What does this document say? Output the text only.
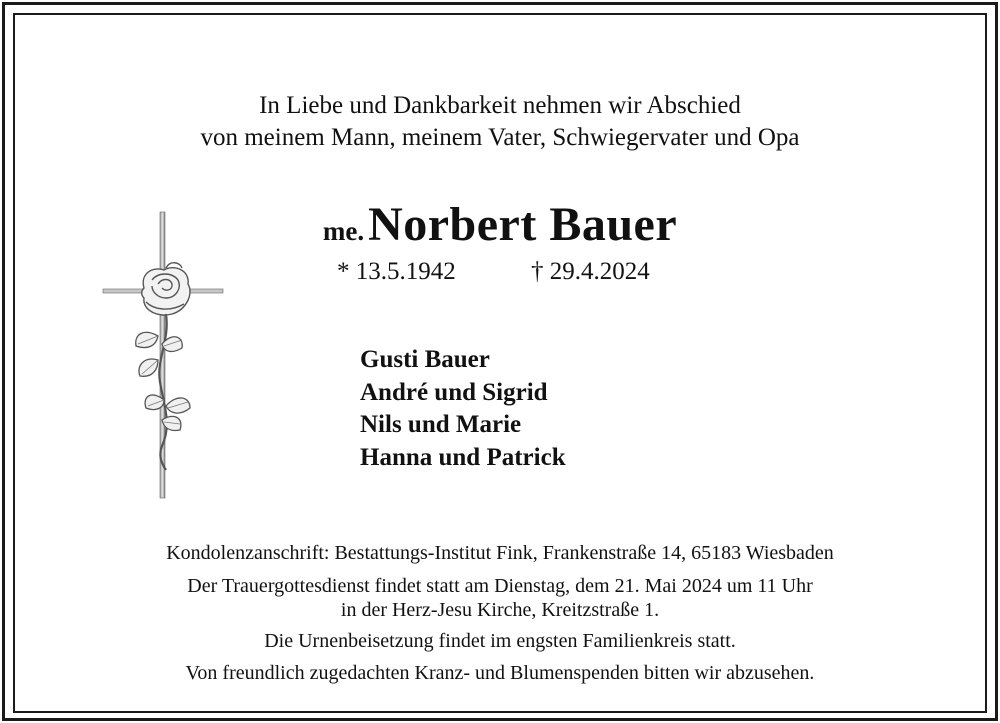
In Liebe und Dankbarkeit nehmen wir Abschied
von meinem Mann, meinem Vater, Schwiegervater und Opa
me. Norbert Bauer
* 13.5.1942	† 29.4.2024
Gusti Bauer
André und Sigrid
Nils und Marie
Hanna und Patrick
Kondolenzanschrift: Bestattungs-Institut Fink, Frankenstraße 14, 65183 Wiesbaden
Der Trauergottesdienst findet statt am Dienstag, dem 21. Mai 2024 um 11 Uhr
in der Herz-Jesu Kirche, Kreitzstraße 1.
Die Urnenbeisetzung findet im engsten Familienkreis statt.
Von freundlich zugedachten Kranz- und Blumenspenden bitten wir abzusehen.
